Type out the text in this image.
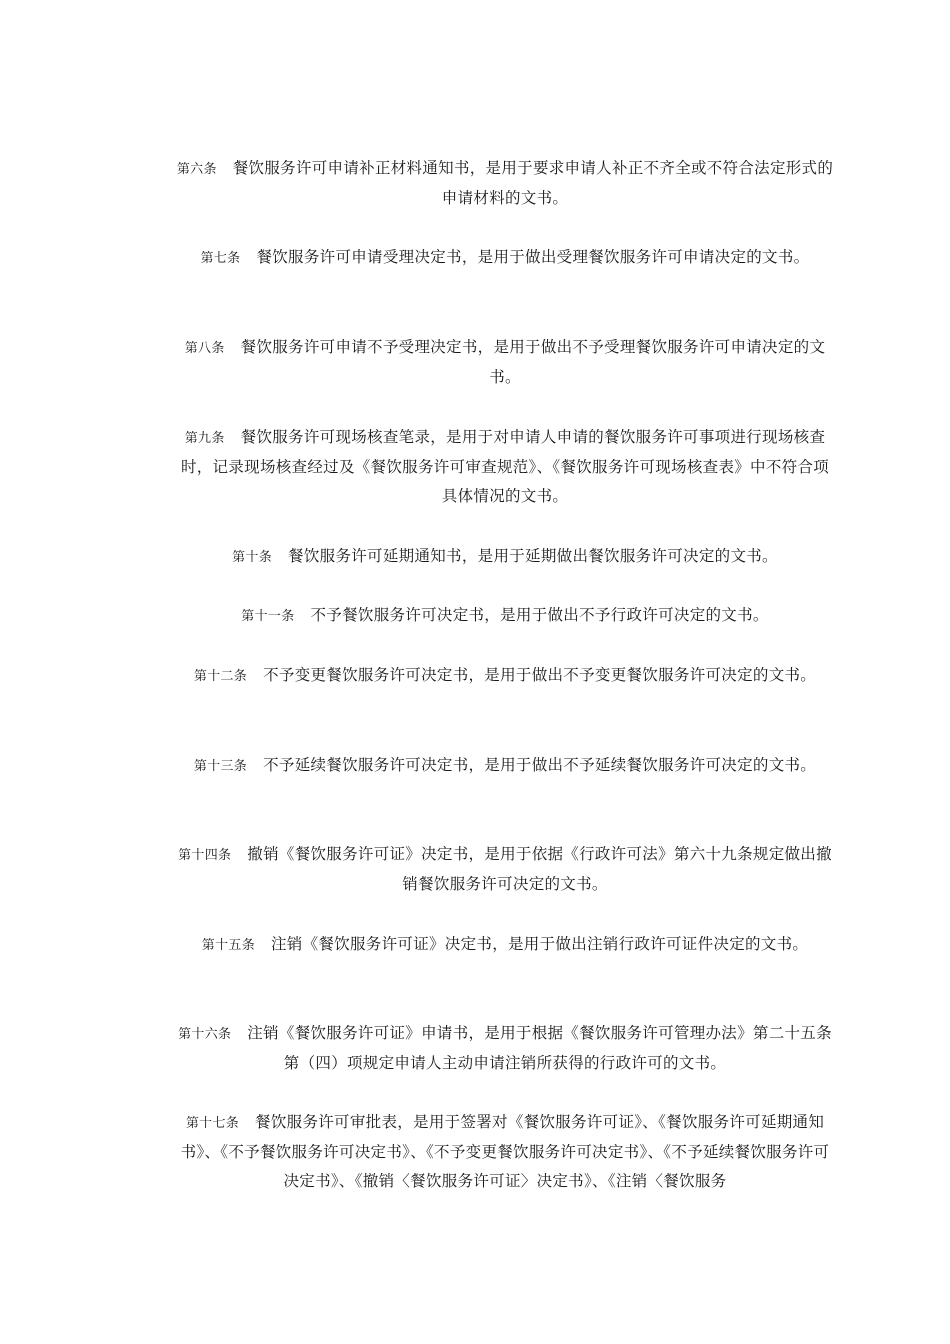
第六条 餐饮服务许可申请补正材料通知书，是用于要求申请人补正不齐全或不符合法定形式的申请材料的文书。

第七条 餐饮服务许可申请受理决定书，是用于做出受理餐饮服务许可申请决定的文书。

第八条 餐饮服务许可申请不予受理决定书，是用于做出不予受理餐饮服务许可申请决定的文书。

第九条 餐饮服务许可现场核查笔录，是用于对申请人申请的餐饮服务许可事项进行现场核查时，记录现场核查经过及《餐饮服务许可审查规范》、《餐饮服务许可现场核查表》中不符合项具体情况的文书。

第十条 餐饮服务许可延期通知书，是用于延期做出餐饮服务许可决定的文书。

第十一条 不予餐饮服务许可决定书，是用于做出不予行政许可决定的文书。

第十二条 不予变更餐饮服务许可决定书，是用于做出不予变更餐饮服务许可决定的文书。

第十三条 不予延续餐饮服务许可决定书，是用于做出不予延续餐饮服务许可决定的文书。

第十四条 撤销《餐饮服务许可证》决定书，是用于依据《行政许可法》第六十九条规定做出撤销餐饮服务许可决定的文书。

第十五条 注销《餐饮服务许可证》决定书，是用于做出注销行政许可证件决定的文书。

第十六条 注销《餐饮服务许可证》申请书，是用于根据《餐饮服务许可管理办法》第二十五条第（四）项规定申请人主动申请注销所获得的行政许可的文书。

第十七条 餐饮服务许可审批表，是用于签署对《餐饮服务许可证》、《餐饮服务许可延期通知书》、《不予餐饮服务许可决定书》、《不予变更餐饮服务许可决定书》、《不予延续餐饮服务许可决定书》、《撤销〈餐饮服务许可证〉决定书》、《注销〈餐饮服务
